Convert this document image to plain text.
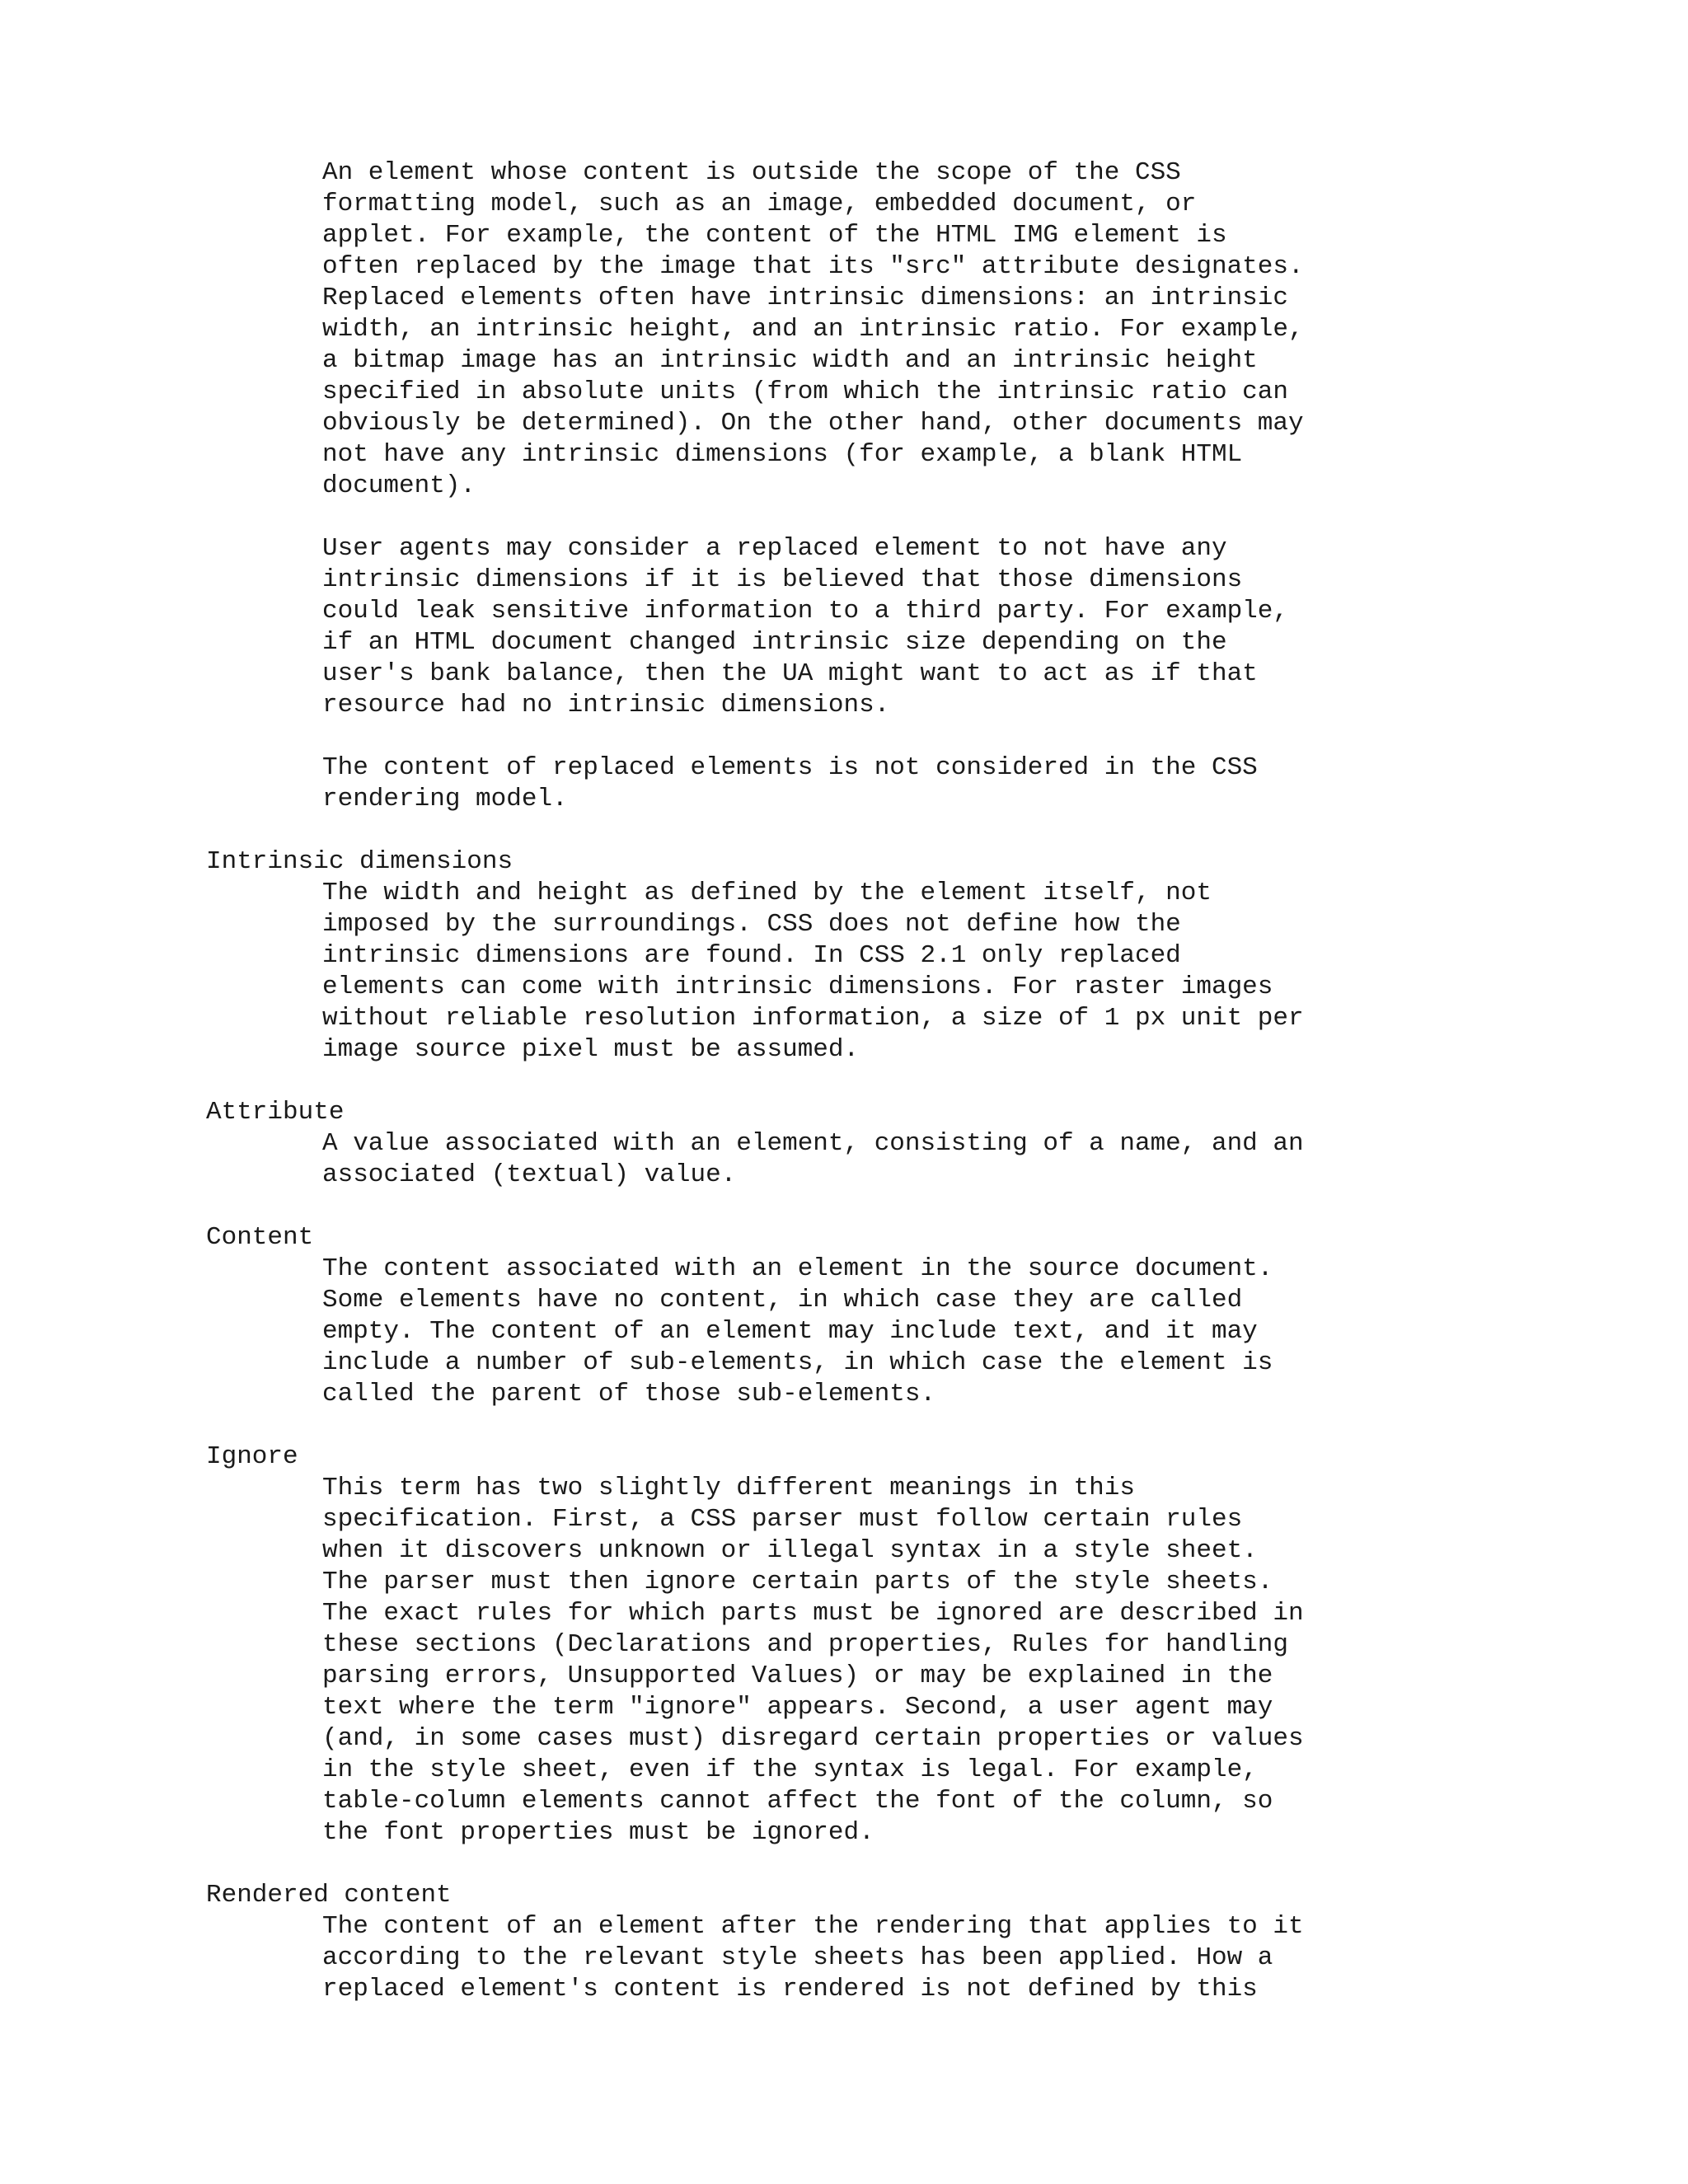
An element whose content is outside the scope of the CSS
formatting model, such as an image, embedded document, or
applet. For example, the content of the HTML IMG element is
often replaced by the image that its "src" attribute designates.
Replaced elements often have intrinsic dimensions: an intrinsic
width, an intrinsic height, and an intrinsic ratio. For example,
a bitmap image has an intrinsic width and an intrinsic height
specified in absolute units (from which the intrinsic ratio can
obviously be determined). On the other hand, other documents may
not have any intrinsic dimensions (for example, a blank HTML
document).
User agents may consider a replaced element to not have any
intrinsic dimensions if it is believed that those dimensions
could leak sensitive information to a third party. For example,
if an HTML document changed intrinsic size depending on the
user's bank balance, then the UA might want to act as if that
resource had no intrinsic dimensions.
The content of replaced elements is not considered in the CSS
rendering model.
Intrinsic dimensions
The width and height as defined by the element itself, not
imposed by the surroundings. CSS does not define how the
intrinsic dimensions are found. In CSS 2.1 only replaced
elements can come with intrinsic dimensions. For raster images
without reliable resolution information, a size of 1 px unit per
image source pixel must be assumed.
Attribute
A value associated with an element, consisting of a name, and an
associated (textual) value.
Content
The content associated with an element in the source document.
Some elements have no content, in which case they are called
empty. The content of an element may include text, and it may
include a number of sub-elements, in which case the element is
called the parent of those sub-elements.
Ignore
This term has two slightly different meanings in this
specification. First, a CSS parser must follow certain rules
when it discovers unknown or illegal syntax in a style sheet.
The parser must then ignore certain parts of the style sheets.
The exact rules for which parts must be ignored are described in
these sections (Declarations and properties, Rules for handling
parsing errors, Unsupported Values) or may be explained in the
text where the term "ignore" appears. Second, a user agent may
(and, in some cases must) disregard certain properties or values
in the style sheet, even if the syntax is legal. For example,
table-column elements cannot affect the font of the column, so
the font properties must be ignored.
Rendered content
The content of an element after the rendering that applies to it
according to the relevant style sheets has been applied. How a
replaced element's content is rendered is not defined by this
